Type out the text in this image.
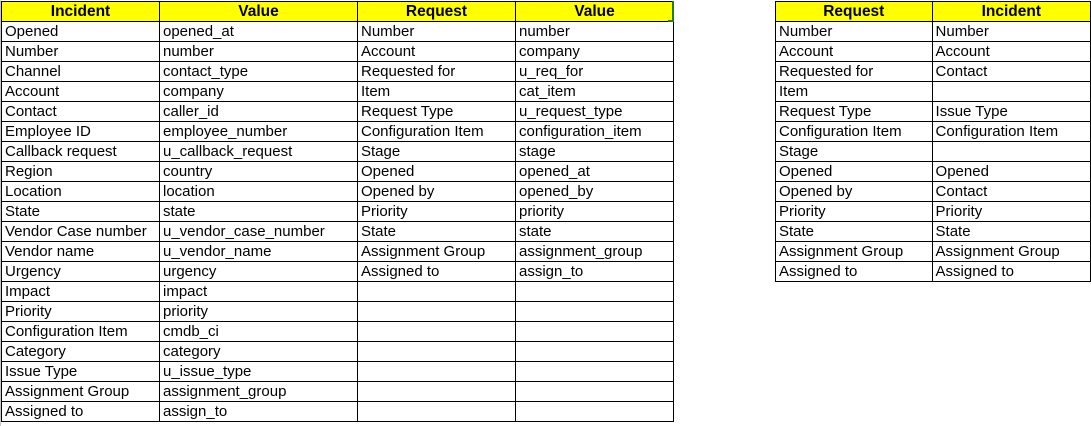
Incident	Value	Request	Value
Opened	opened_at	Number	number
Number	number	Account	company
Channel	contact_type	Requested for	u_req_for
Account	company	Item	cat_item
Contact	caller_id	Request Type	u_request_type
Employee ID	employee_number	Configuration Item	configuration_item
Callback request	u_callback_request	Stage	stage
Region	country	Opened	opened_at
Location	location	Opened by	opened_by
State	state	Priority	priority
Vendor Case number	u_vendor_case_number	State	state
Vendor name	u_vendor_name	Assignment Group	assignment_group
Urgency	urgency	Assigned to	assign_to
Impact	impact		
Priority	priority		
Configuration Item	cmdb_ci		
Category	category		
Issue Type	u_issue_type		
Assignment Group	assignment_group		
Assigned to	assign_to		
Request	Incident
Number	Number
Account	Account
Requested for	Contact
Item	
Request Type	Issue Type
Configuration Item	Configuration Item
Stage	
Opened	Opened
Opened by	Contact
Priority	Priority
State	State
Assignment Group	Assignment Group
Assigned to	Assigned to
